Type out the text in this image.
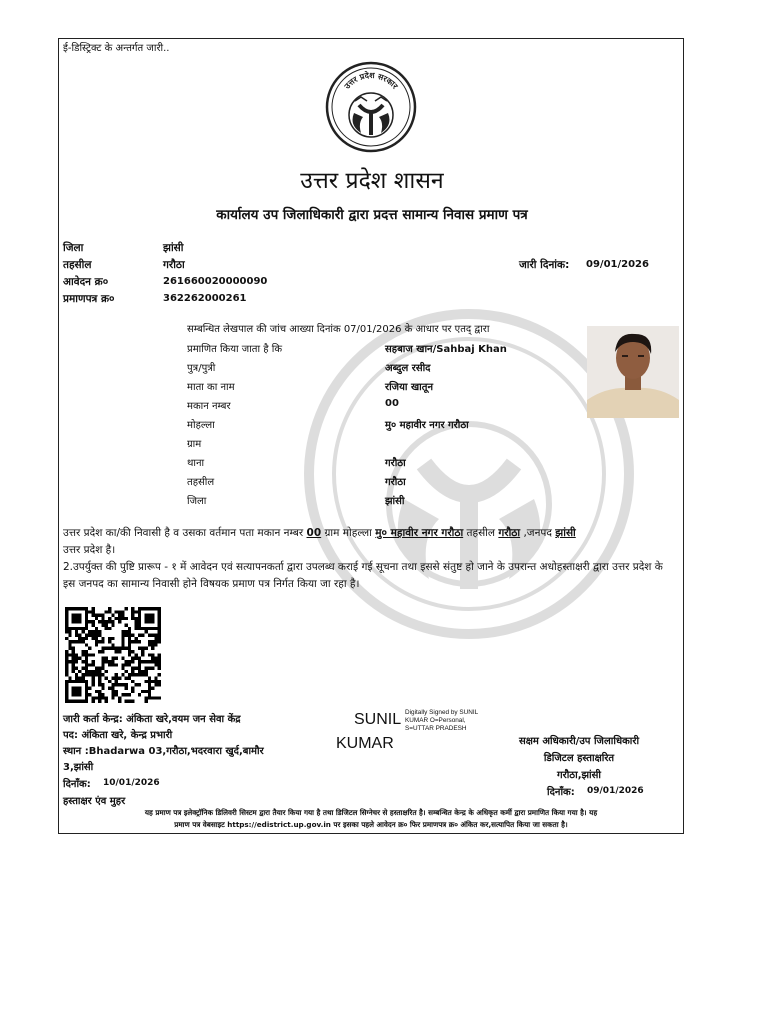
ई-डिस्ट्रिक्ट के अन्तर्गत जारी..
उत्तर प्रदेश सरकार
उत्तर प्रदेश शासन
कार्यालय उप जिलाधिकारी द्वारा प्रदत्त सामान्य निवास प्रमाण पत्र
जिला	झांसी
तहसील	गरौठा
आवेदन क्र०	261660020000090
प्रमाणपत्र क्र०	362262000261
जारी दिनांक: 09/01/2026
सम्बन्धित लेखपाल की जांच आख्या दिनांक 07/01/2026 के आधार पर एतद् द्वारा
प्रमाणित किया जाता है कि	सहबाज खान/Sahbaj Khan
पुत्र/पुत्री	अब्दुल रसीद
माता का नाम	रजिया खातून
मकान नम्बर	00
मोहल्ला	मु० महावीर नगर गरौठा
ग्राम
थाना	गरौठा
तहसील	गरौठा
जिला	झांसी
उत्तर प्रदेश का/की निवासी है व उसका वर्तमान पता मकान नम्बर 00 ग्राम मोहल्ला मु० महावीर नगर गरौठा तहसील गरौठा ,जनपद झांसी
उत्तर प्रदेश है।
2.उपर्युक्त की पुष्टि प्रारूप - १ में आवेदन एवं सत्यापनकर्ता द्वारा उपलब्ध कराई गई सूचना तथा इससे संतुष्ट हो जाने के उपरान्त अधोहस्ताक्षरी द्वारा उत्तर प्रदेश के इस जनपद का सामान्य निवासी होने विषयक प्रमाण पत्र निर्गत किया जा रहा है।
जारी कर्ता केन्द्र: अंकिता खरे,वयम जन सेवा केंद्र
पद: अंकिता खरे, केन्द्र प्रभारी
स्थान :Bhadarwa 03,गरौठा,भदरवारा खुर्द,बामौर
3,झांसी
दिनाँक: 10/01/2026
हस्ताक्षर एंव मुहर
SUNIL
KUMAR
Digitally Signed by SUNIL
KUMAR O=Personal,
S=UTTAR PRADESH
सक्षम अधिकारी/उप जिलाधिकारी
डिजिटल हस्ताक्षरित
गरौठा,झांसी
दिनाँक: 09/01/2026
यह प्रमाण पत्र इलेक्ट्रॉनिक डिलिवरी सिस्टम द्वारा तैयार किया गया है तथा डिजिटल सिग्नेचर से हस्ताक्षरित है। सम्बन्धित केन्द्र के अधिकृत कर्मी द्वारा प्रमाणित किया गया है। यह
प्रमाण पत्र वेबसाइट https://edistrict.up.gov.in पर इसका पहले आवेदन क्र० फिर प्रमाणपत्र क्र० अंकित कर,सत्यापित किया जा सकता है।
